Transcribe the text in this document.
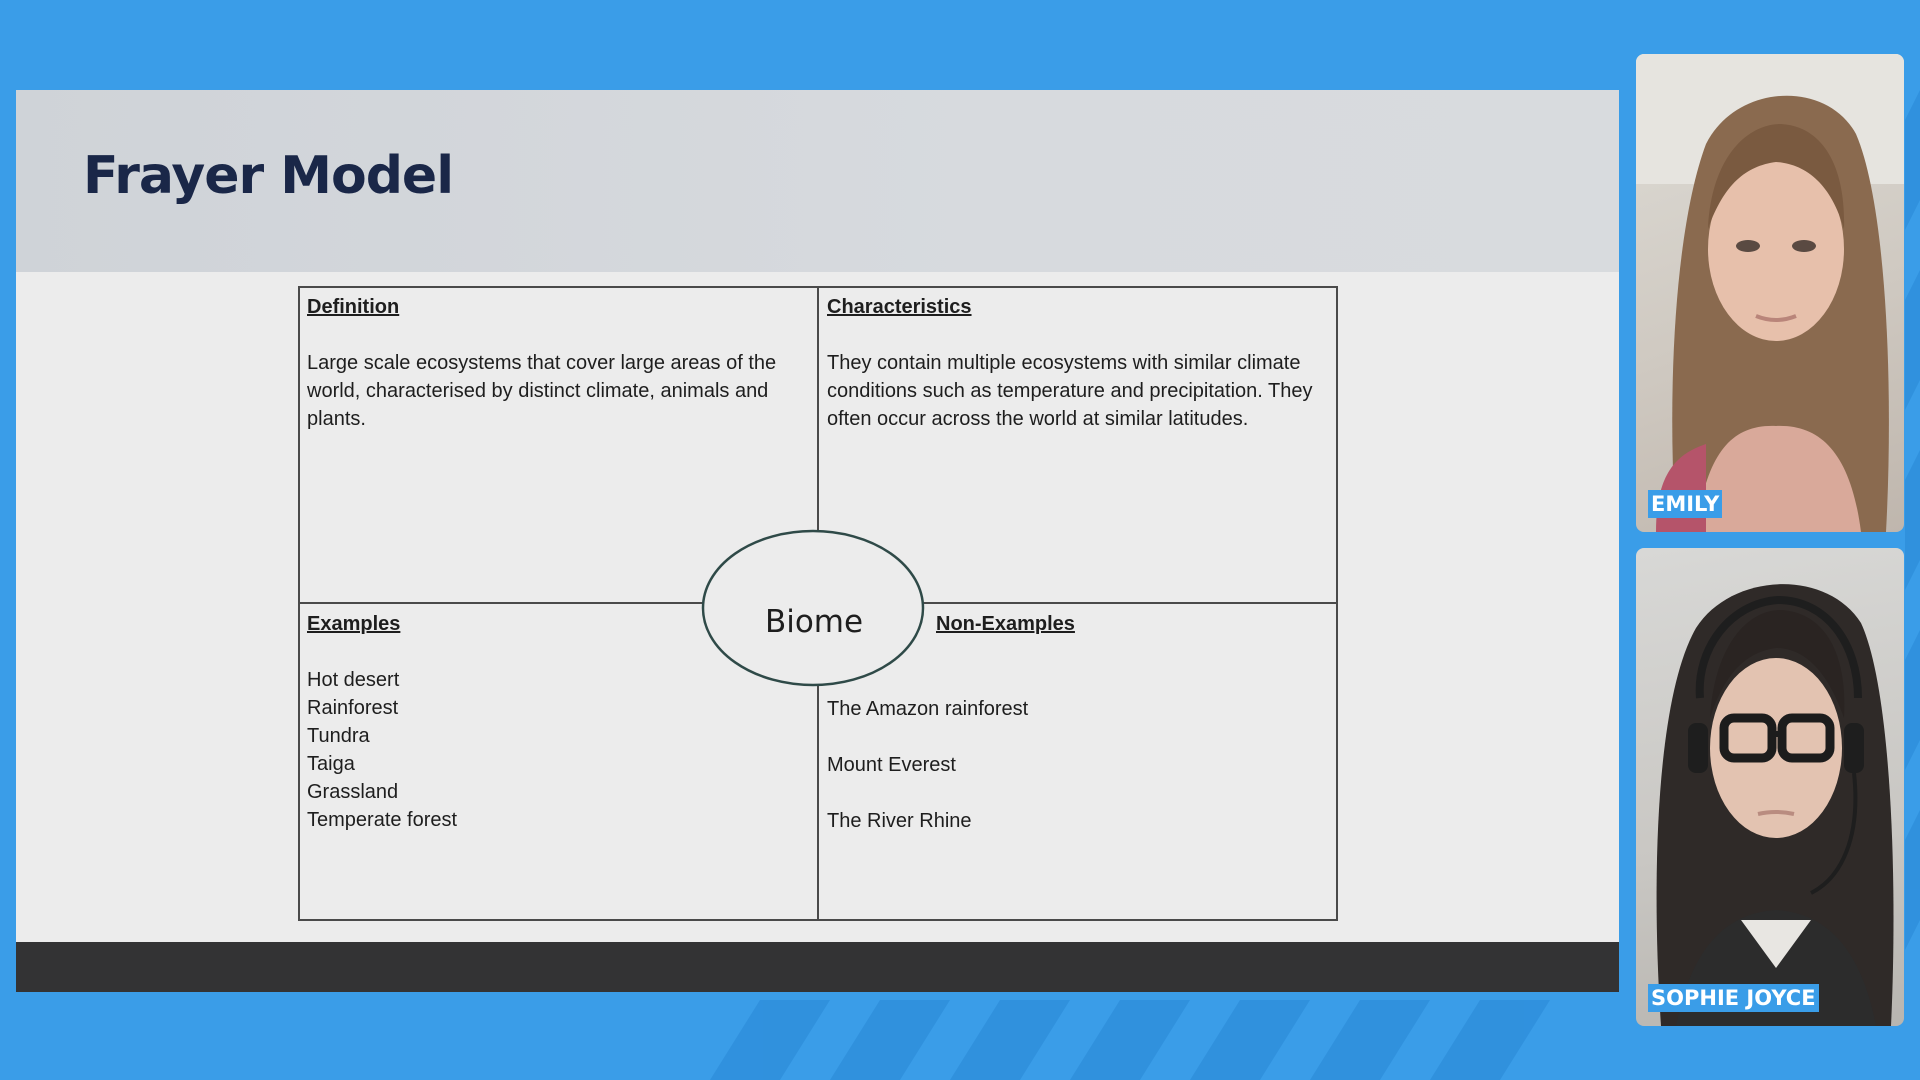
Frayer Model
Definition
Large scale ecosystems that cover large areas of the world, characterised by distinct climate, animals and plants.
Characteristics
They contain multiple ecosystems with similar climate conditions such as temperature and precipitation. They often occur across the world at similar latitudes.
Examples
Hot desert
Rainforest
Tundra
Taiga
Grassland
Temperate forest
Non-Examples
The Amazon rainforest
Mount Everest
The River Rhine
Biome
EMILY
SOPHIE JOYCE
